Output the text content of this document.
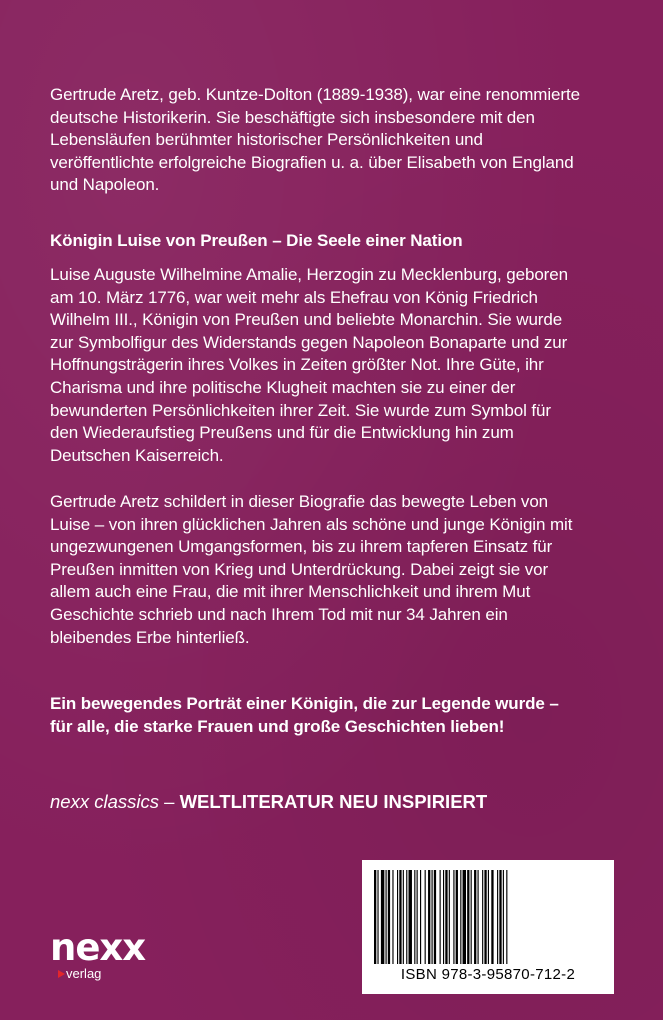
Gertrude Aretz, geb. Kuntze-Dolton (1889-1938), war eine renommierte deutsche Historikerin. Sie beschäftigte sich insbesondere mit den Lebensläufen berühmter historischer Persönlichkeiten und veröffentlichte erfolgreiche Biografien u. a. über Elisabeth von England und Napoleon.

Königin Luise von Preußen – Die Seele einer Nation

Luise Auguste Wilhelmine Amalie, Herzogin zu Mecklenburg, geboren am 10. März 1776, war weit mehr als Ehefrau von König Friedrich Wilhelm III., Königin von Preußen und beliebte Monarchin. Sie wurde zur Symbolfigur des Widerstands gegen Napoleon Bonaparte und zur Hoffnungsträgerin ihres Volkes in Zeiten größter Not. Ihre Güte, ihr Charisma und ihre politische Klugheit machten sie zu einer der bewunderten Persönlichkeiten ihrer Zeit. Sie wurde zum Symbol für den Wiederaufstieg Preußens und für die Entwicklung hin zum Deutschen Kaiserreich.

Gertrude Aretz schildert in dieser Biografie das bewegte Leben von Luise – von ihren glücklichen Jahren als schöne und junge Königin mit ungezwungenen Umgangsformen, bis zu ihrem tapferen Einsatz für Preußen inmitten von Krieg und Unterdrückung. Dabei zeigt sie vor allem auch eine Frau, die mit ihrer Menschlichkeit und ihrem Mut Geschichte schrieb und nach Ihrem Tod mit nur 34 Jahren ein bleibendes Erbe hinterließ.

Ein bewegendes Porträt einer Königin, die zur Legende wurde – für alle, die starke Frauen und große Geschichten lieben!

nexx classics – WELTLITERATUR NEU INSPIRIERT
nexx
verlag	ISBN 978-3-95870-712-2
